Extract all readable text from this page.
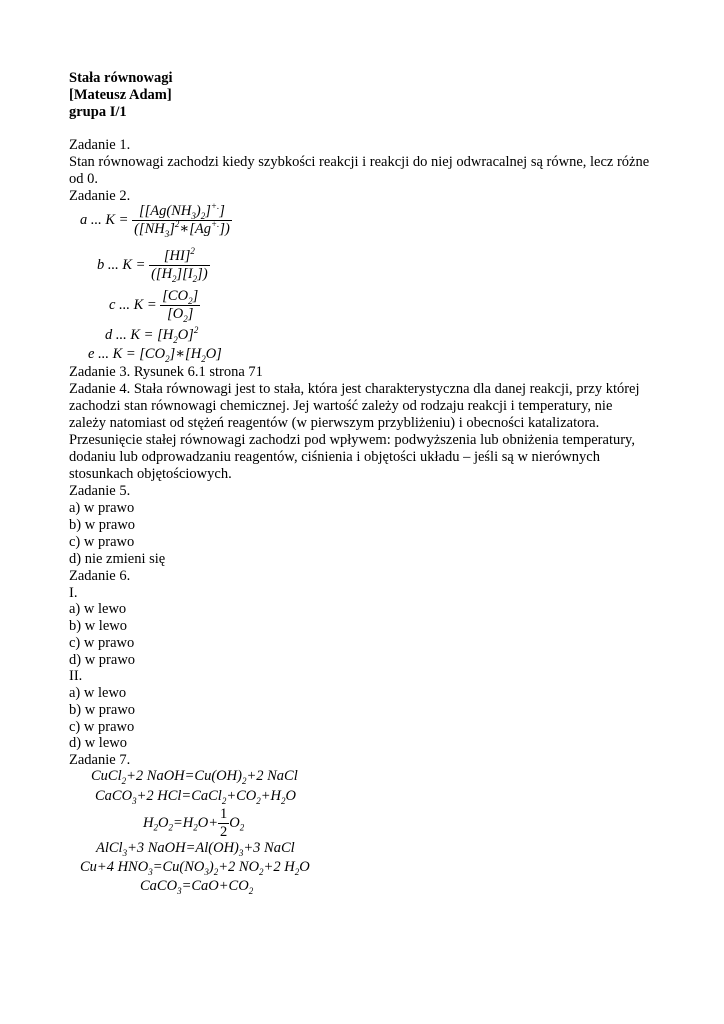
Stała równowagi
[Mateusz Adam]
grupa I/1
Zadanie 1.
Stan równowagi zachodzi kiedy szybkości reakcji i reakcji do niej odwracalnej są równe, lecz różne
od 0.
Zadanie 2.
a ... $K = \frac{[[Ag(NH_3)_2]^{+.}]}{([NH_3]^2∗[Ag^{+.}])}$
b ... $K = \frac{[HI]^2}{([H_2][I_2])}$
c ... $K = \frac{[CO_2]}{[O_2]}$
d ... $K = [H_2O]^2$
e ... $K = [CO_2]∗[H_2O]$
Zadanie 3. Rysunek 6.1 strona 71
Zadanie 4. Stała równowagi jest to stała, która jest charakterystyczna dla danej reakcji, przy której
zachodzi stan równowagi chemicznej. Jej wartość zależy od rodzaju reakcji i temperatury, nie
zależy natomiast od stężeń reagentów (w pierwszym przybliżeniu) i obecności katalizatora.
Przesunięcie stałej równowagi zachodzi pod wpływem: podwyższenia lub obniżenia temperatury,
dodaniu lub odprowadzaniu reagentów, ciśnienia i objętości układu – jeśli są w nierównych
stosunkach objętościowych.
Zadanie 5.
a) w prawo
b) w prawo
c) w prawo
d) nie zmieni się
Zadanie 6.
I.
a) w lewo
b) w lewo
c) w prawo
d) w prawo
II.
a) w lewo
b) w prawo
c) w prawo
d) w lewo
Zadanie 7.
CuCl$_2$+2 $NaOH=Cu(OH)_2+2$ NaCl
CaCO$_3$+2 $HCl=CaCl_2+CO_2+H_2O$
$H_2O_2=H_2O+ \frac{1}{2} O_2$
AlCl$_3$+3 $NaOH=Al(OH)_3+3$ NaCl
Cu+4 $HNO_3=Cu(NO_3)_2+2$ $NO_2+2$ $H_2O$
$CaCO_3=CaO+CO_2$
